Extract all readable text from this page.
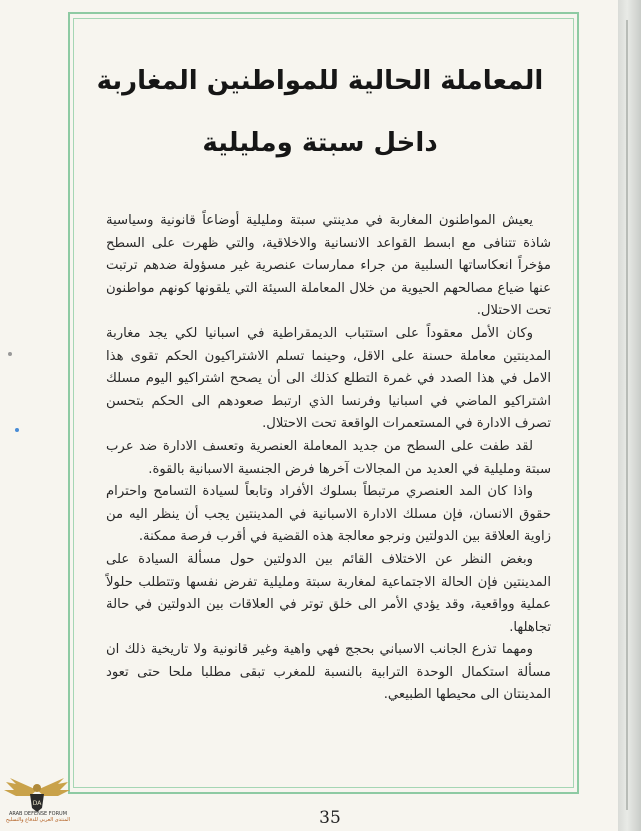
المعاملة الحالية للمواطنين المغاربة
داخل سبتة ومليلية

يعيش المواطنون المغاربة في مدينتي سبتة ومليلية أوضاعاً قانونية وسياسية شاذة تتنافى مع ابسط القواعد الانسانية والاخلاقية، والتي ظهرت على السطح مؤخراً انعكاساتها السلبية من جراء ممارسات عنصرية غير مسؤولة ضدهم ترتبت عنها ضياع مصالحهم الحيوية من خلال المعاملة السيئة التي يلقونها كونهم مواطنون تحت الاحتلال.

وكان الأمل معقوداً على استتباب الديمقراطية في اسبانيا لكي يجد مغاربة المدينتين معاملة حسنة على الاقل، وحينما تسلم الاشتراكيون الحكم تقوى هذا الامل في هذا الصدد في غمرة التطلع كذلك الى أن يصحح اشتراكيو اليوم مسلك اشتراكيو الماضي في اسبانيا وفرنسا الذي ارتبط صعودهم الى الحكم بتحسن تصرف الادارة في المستعمرات الواقعة تحت الاحتلال.

لقد طفت على السطح من جديد المعاملة العنصرية وتعسف الادارة ضد عرب سبتة ومليلية في العديد من المجالات آخرها فرض الجنسية الاسبانية بالقوة.

واذا كان المد العنصري مرتبطاً بسلوك الأفراد وتابعاً لسيادة التسامح واحترام حقوق الانسان، فإن مسلك الادارة الاسبانية في المدينتين يجب أن ينظر اليه من زاوية العلاقة بين الدولتين ونرجو معالجة هذه القضية في أقرب فرصة ممكنة.

وبغض النظر عن الاختلاف القائم بين الدولتين حول مسألة السيادة على المدينتين فإن الحالة الاجتماعية لمغاربة سبتة ومليلية تفرض نفسها وتتطلب حلولاً عملية وواقعية، وقد يؤدي الأمر الى خلق توتر في العلاقات بين الدولتين في حالة تجاهلها.

ومهما تذرع الجانب الاسباني بحجج فهي واهية وغير قانونية ولا تاريخية ذلك ان مسألة استكمال الوحدة الترابية بالنسبة للمغرب تبقى مطلبا ملحا حتى تعود المدينتان الى محيطها الطبيعي.

35
DA
ARAB DEFENSE FORUM
المنتدى العربي للدفاع والتسليح
